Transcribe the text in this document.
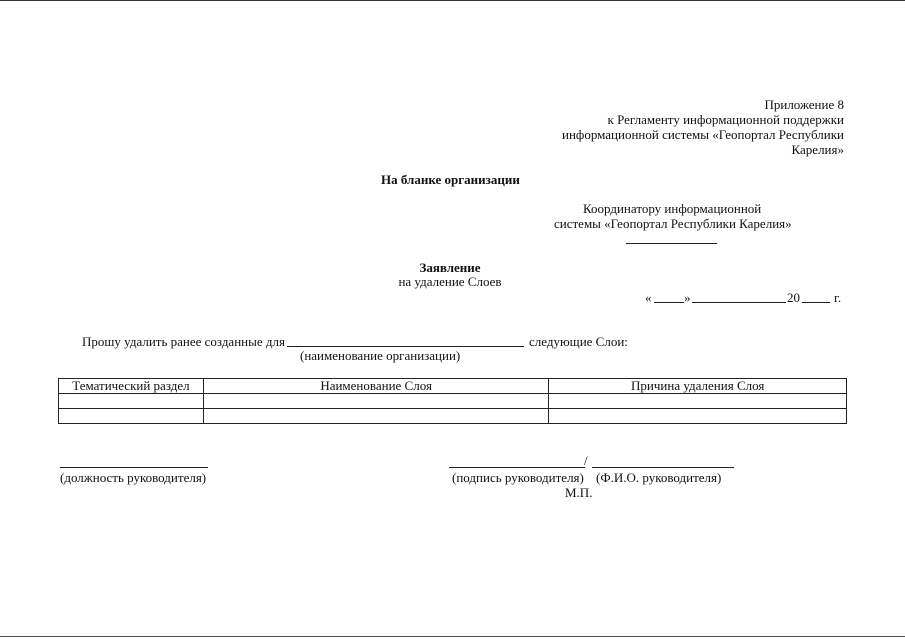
Приложение 8
к Регламенту информационной поддержки
информационной системы «Геопортал Республики
Карелия»
На бланке организации
Координатору информационной
системы «Геопортал Республики Карелия»
Заявление
на удаление Слоев
«	»	20	г.
Прошу удалить ранее созданные для	следующие Слои:
(наименование организации)
Тематический раздел	Наименование Слоя	Причина удаления Слоя

(должность руководителя)
/
(подпись руководителя) (Ф.И.О. руководителя)
М.П.
